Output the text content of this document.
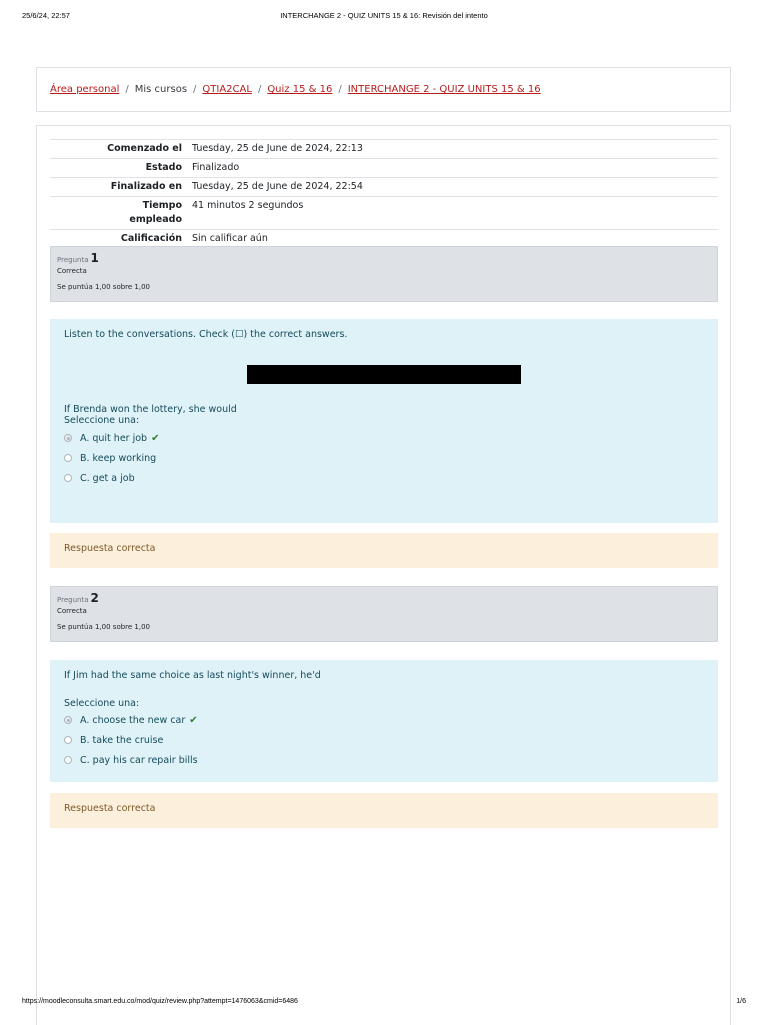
25/6/24, 22:57	INTERCHANGE 2 - QUIZ UNITS 15 & 16: Revisión del intento
Área personal / Mis cursos / QTIA2CAL / Quiz 15 & 16 / INTERCHANGE 2 - QUIZ UNITS 15 & 16
Comenzado el	Tuesday, 25 de June de 2024, 22:13
Estado	Finalizado
Finalizado en	Tuesday, 25 de June de 2024, 22:54
Tiempo empleado	41 minutos 2 segundos
Calificación	Sin calificar aún
Pregunta 1
Correcta
Se puntúa 1,00 sobre 1,00

Listen to the conversations. Check (☐) the correct answers.

If Brenda won the lottery, she would

Seleccione una:

A. quit her job ✔
B. keep working
C. get a job
Respuesta correcta
Pregunta 2
Correcta
Se puntúa 1,00 sobre 1,00

If Jim had the same choice as last night's winner, he'd

Seleccione una:

A. choose the new car ✔
B. take the cruise
C. pay his car repair bills
Respuesta correcta
https://moodleconsulta.smart.edu.co/mod/quiz/review.php?attempt=1476063&cmid=6486	1/6
